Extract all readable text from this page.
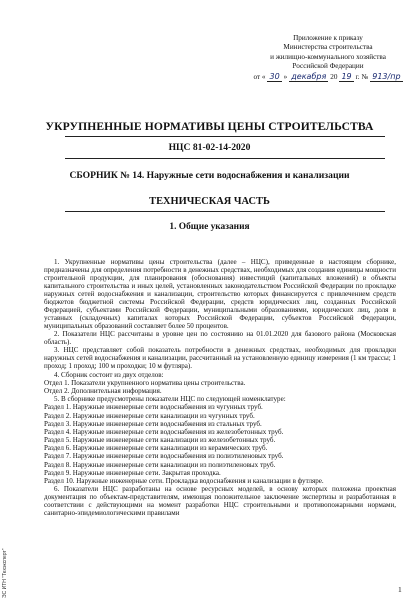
Приложение к приказу
Министерства строительства
и жилищно-коммунального хозяйства
Российской Федерации
от « 30 » декабря 20 19 г. № 913/пр
УКРУПНЕННЫЕ НОРМАТИВЫ ЦЕНЫ СТРОИТЕЛЬСТВА
НЦС 81-02-14-2020
СБОРНИК № 14. Наружные сети водоснабжения и канализации
ТЕХНИЧЕСКАЯ ЧАСТЬ
1. Общие указания

1. Укрупненные нормативы цены строительства (далее – НЦС), приведенные в настоящем сборнике, предназначены для определения потребности в денежных средствах, необходимых для создания единицы мощности строительной продукции, для планирования (обоснования) инвестиций (капитальных вложений) в объекты капитального строительства и иных целей, установленных законодательством Российской Федерации по прокладке наружных сетей водоснабжения и канализации, строительство которых финансируется с привлечением средств бюджетов бюджетной системы Российской Федерации, средств юридических лиц, созданных Российской Федерацией, субъектами Российской Федерации, муниципальными образованиями, юридических лиц, доля в уставных (складочных) капиталах которых Российской Федерации, субъектов Российской Федерации, муниципальных образований составляет более 50 процентов.

2. Показатели НЦС рассчитаны в уровне цен по состоянию на 01.01.2020 для базового района (Московская область).

3. НЦС представляет собой показатель потребности в денежных средствах, необходимых для прокладки наружных сетей водоснабжения и канализации, рассчитанный на установленную единицу измерения (1 км трассы; 1 проход; 1 проход; 100 м проходки; 10 м футляра).

4. Сборник состоит из двух отделов:

Отдел 1. Показатели укрупненного норматива цены строительства.

Отдел 2. Дополнительная информация.

5. В сборнике предусмотрены показатели НЦС по следующей номенклатуре:

Раздел 1. Наружные инженерные сети водоснабжения из чугунных труб.

Раздел 2. Наружные инженерные сети канализации из чугунных труб.

Раздел 3. Наружные инженерные сети водоснабжения из стальных труб.

Раздел 4. Наружные инженерные сети водоснабжения из железобетонных труб.

Раздел 5. Наружные инженерные сети канализации из железобетонных труб.

Раздел 6. Наружные инженерные сети канализации из керамических труб.

Раздел 7. Наружные инженерные сети водоснабжения из полиэтиленовых труб.

Раздел 8. Наружные инженерные сети канализации из полиэтиленовых труб.

Раздел 9. Наружные инженерные сети. Закрытая проходка.

Раздел 10. Наружные инженерные сети. Прокладка водоснабжения и канализации в футляре.

6. Показатели НЦС разработаны на основе ресурсных моделей, в основу которых положена проектная документация по объектам-представителям, имеющая положительное заключение экспертизы и разработанная в соответствии с действующими на момент разработки НЦС строительными и противопожарными нормами, санитарно-эпидемиологическими правилами

ЭС ИТН "Техэксперт"	1
